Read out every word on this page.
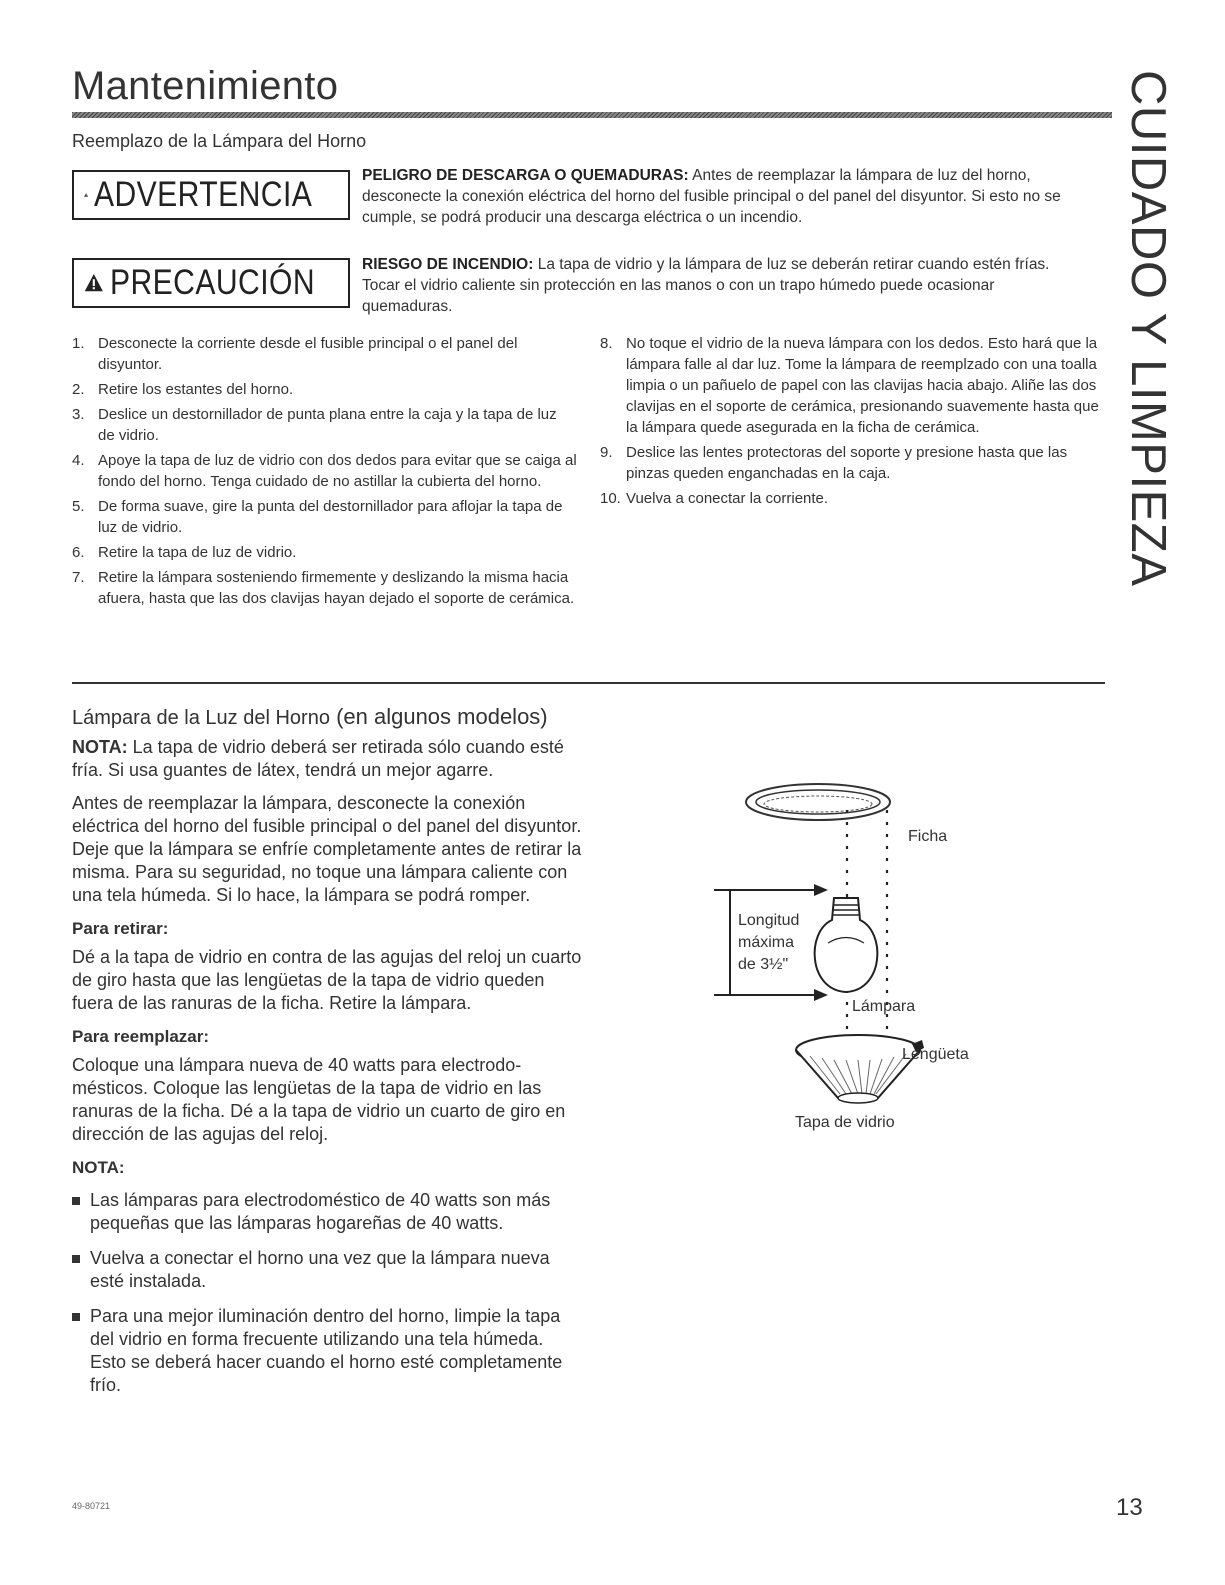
Mantenimiento	CUIDADO Y LIMPIEZA
Reemplazo de la Lámpara del Horno
ADVERTENCIA	PELIGRO DE DESCARGA O QUEMADURAS: Antes de reemplazar la lámpara de luz del horno, desconecte la conexión eléctrica del horno del fusible principal o del panel del disyuntor. Si esto no se cumple, se podrá producir una descarga eléctrica o un incendio.
PRECAUCIÓN	RIESGO DE INCENDIO: La tapa de vidrio y la lámpara de luz se deberán retirar cuando estén frías. Tocar el vidrio caliente sin protección en las manos o con un trapo húmedo puede ocasionar quemaduras.
1. Desconecte la corriente desde el fusible principal o el panel del disyuntor.
2. Retire los estantes del horno.
3. Deslice un destornillador de punta plana entre la caja y la tapa de luz de vidrio.
4. Apoye la tapa de luz de vidrio con dos dedos para evitar que se caiga al fondo del horno. Tenga cuidado de no astillar la cubierta del horno.
5. De forma suave, gire la punta del destornillador para aflojar la tapa de luz de vidrio.
6. Retire la tapa de luz de vidrio.
7. Retire la lámpara sosteniendo firmemente y deslizando la misma hacia afuera, hasta que las dos clavijas hayan dejado el soporte de cerámica.
8. No toque el vidrio de la nueva lámpara con los dedos. Esto hará que la lámpara falle al dar luz. Tome la lámpara de reemplzado con una toalla limpia o un pañuelo de papel con las clavijas hacia abajo. Aliñe las dos clavijas en el soporte de cerámica, presionando suavemente hasta que la lámpara quede asegurada en la ficha de cerámica.
9. Deslice las lentes protectoras del soporte y presione hasta que las pinzas queden enganchadas en la caja.
10. Vuelva a conectar la corriente.
Lámpara de la Luz del Horno (en algunos modelos)

NOTA: La tapa de vidrio deberá ser retirada sólo cuando esté fría. Si usa guantes de látex, tendrá un mejor agarre.

Antes de reemplazar la lámpara, desconecte la conexión eléctrica del horno del fusible principal o del panel del disyuntor. Deje que la lámpara se enfríe completamente antes de retirar la misma. Para su seguridad, no toque una lámpara caliente con una tela húmeda. Si lo hace, la lámpara se podrá romper.

Para retirar:

Dé a la tapa de vidrio en contra de las agujas del reloj un cuarto de giro hasta que las lengüetas de la tapa de vidrio queden fuera de las ranuras de la ficha. Retire la lámpara.

Para reemplazar:

Coloque una lámpara nueva de 40 watts para electrodo-mésticos. Coloque las lengüetas de la tapa de vidrio en las ranuras de la ficha. Dé a la tapa de vidrio un cuarto de giro en dirección de las agujas del reloj.

NOTA:
Las lámparas para electrodoméstico de 40 watts son más pequeñas que las lámparas hogareñas de 40 watts.
Vuelva a conectar el horno una vez que la lámpara nueva esté instalada.
Para una mejor iluminación dentro del horno, limpie la tapa del vidrio en forma frecuente utilizando una tela húmeda. Esto se deberá hacer cuando el horno esté completamente frío.
Ficha
Longitud
máxima
de 3½"
Lámpara
Lengüeta
Tapa de vidrio
49-80721	13
